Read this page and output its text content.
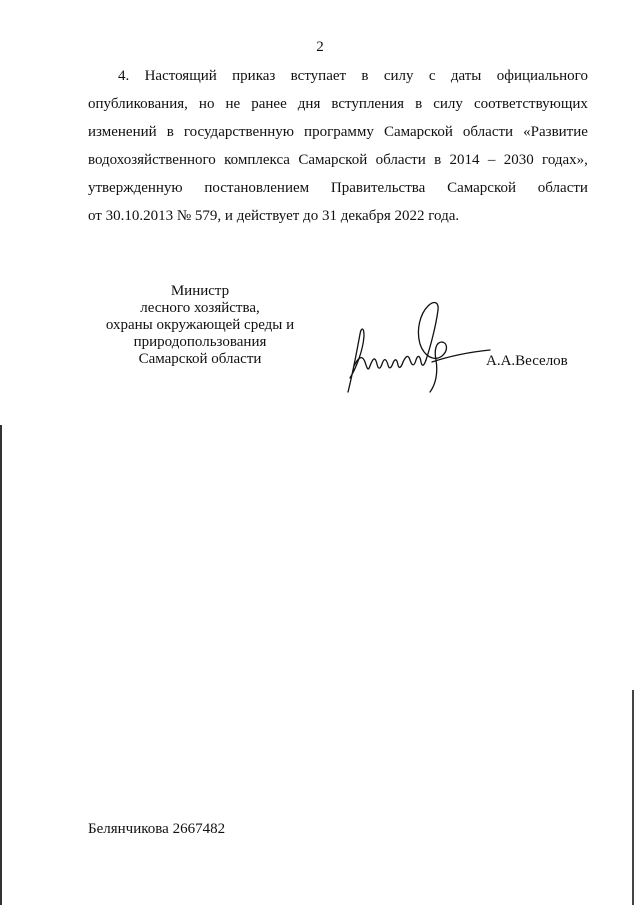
2
4. Настоящий приказ вступает в силу с даты официального
опубликования, но не ранее дня вступления в силу соответствующих
изменений в государственную программу Самарской области «Развитие
водохозяйственного комплекса Самарской области в 2014 – 2030 годах»,
утвержденную постановлением Правительства Самарской области
от 30.10.2013 № 579, и действует до 31 декабря 2022 года.
Министр
лесного хозяйства,
охраны окружающей среды и
природопользования
Самарской области	А.А.Веселов
Белянчикова 2667482
